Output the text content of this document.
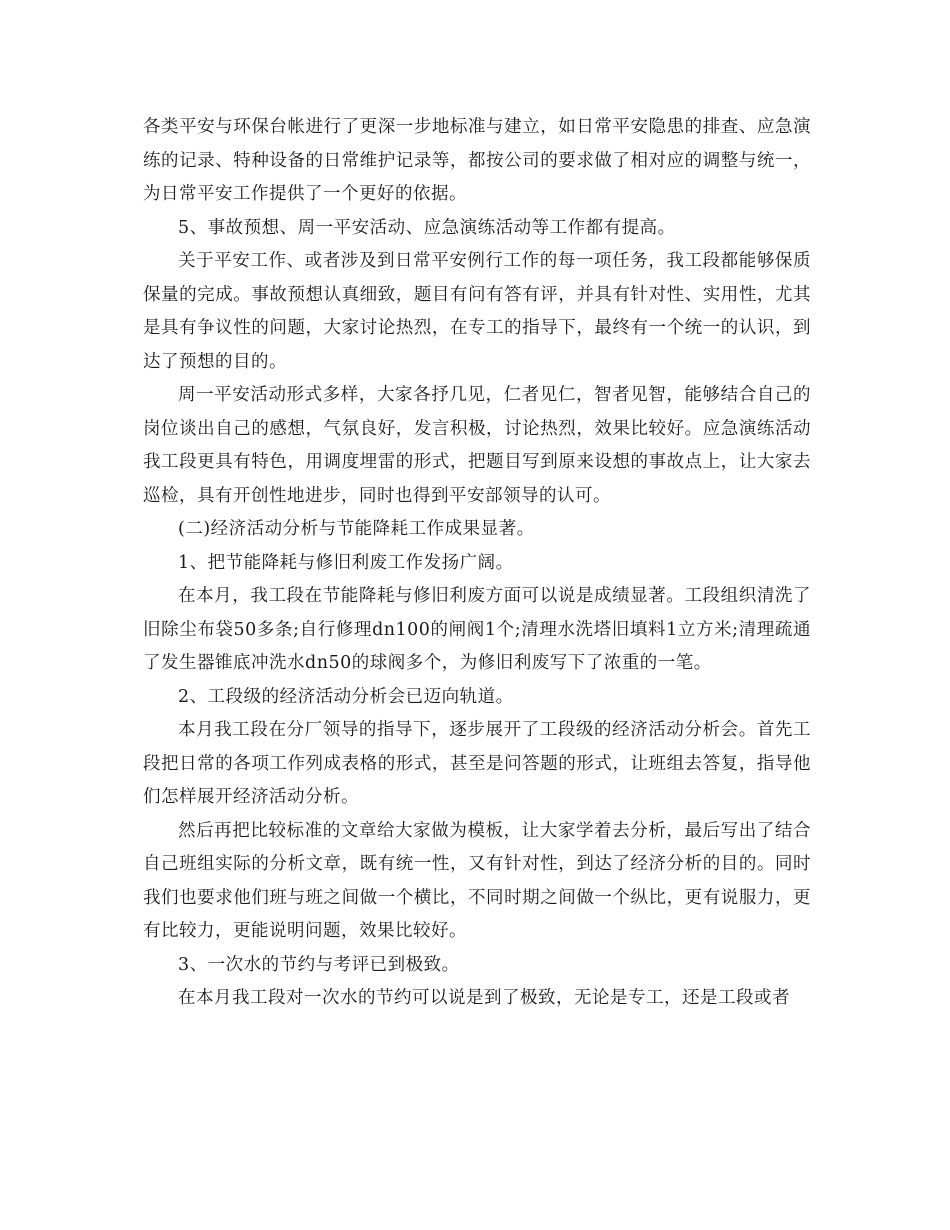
各类平安与环保台帐进行了更深一步地标准与建立，如日常平安隐患的排查、应急演练的记录、特种设备的日常维护记录等，都按公司的要求做了相对应的调整与统一，为日常平安工作提供了一个更好的依据。

5、事故预想、周一平安活动、应急演练活动等工作都有提高。

关于平安工作、或者涉及到日常平安例行工作的每一项任务，我工段都能够保质保量的完成。事故预想认真细致，题目有问有答有评，并具有针对性、实用性，尤其是具有争议性的问题，大家讨论热烈，在专工的指导下，最终有一个统一的认识，到达了预想的目的。

周一平安活动形式多样，大家各抒几见，仁者见仁，智者见智，能够结合自己的岗位谈出自己的感想，气氛良好，发言积极，讨论热烈，效果比较好。应急演练活动我工段更具有特色，用调度埋雷的形式，把题目写到原来设想的事故点上，让大家去巡检，具有开创性地进步，同时也得到平安部领导的认可。

(二)经济活动分析与节能降耗工作成果显著。

1、把节能降耗与修旧利废工作发扬广阔。

在本月，我工段在节能降耗与修旧利废方面可以说是成绩显著。工段组织清洗了旧除尘布袋50多条;自行修理dn100的闸阀1个;清理水洗塔旧填料1立方米;清理疏通了发生器锥底冲洗水dn50的球阀多个，为修旧利废写下了浓重的一笔。

2、工段级的经济活动分析会已迈向轨道。

本月我工段在分厂领导的指导下，逐步展开了工段级的经济活动分析会。首先工段把日常的各项工作列成表格的形式，甚至是问答题的形式，让班组去答复，指导他们怎样展开经济活动分析。

然后再把比较标准的文章给大家做为模板，让大家学着去分析，最后写出了结合自己班组实际的分析文章，既有统一性，又有针对性，到达了经济分析的目的。同时我们也要求他们班与班之间做一个横比，不同时期之间做一个纵比，更有说服力，更有比较力，更能说明问题，效果比较好。

3、一次水的节约与考评已到极致。

在本月我工段对一次水的节约可以说是到了极致，无论是专工，还是工段或者
